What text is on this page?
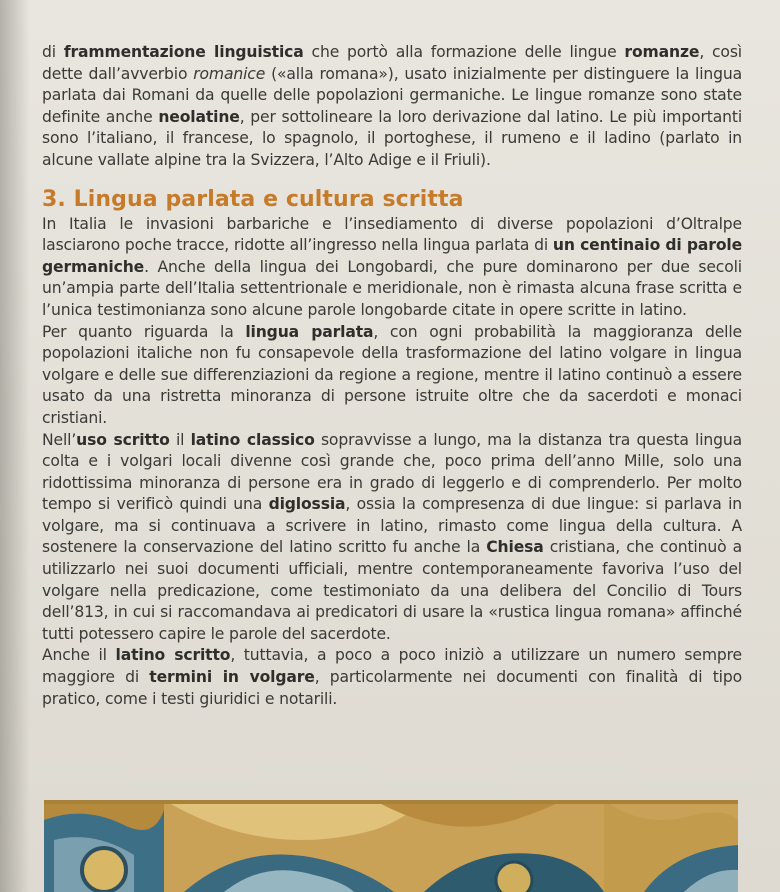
di frammentazione linguistica che portò alla formazione delle lingue romanze, così dette dall’avverbio romanice («alla romana»), usato inizialmente per distinguere la lingua parlata dai Romani da quelle delle popolazioni germaniche. Le lingue romanze sono state definite anche neolatine, per sottolineare la loro derivazione dal latino. Le più importanti sono l’italiano, il francese, lo spagnolo, il portoghese, il rumeno e il ladino (parlato in alcune vallate alpine tra la Svizzera, l’Alto Adige e il Friuli).

3. Lingua parlata e cultura scritta

In Italia le invasioni barbariche e l’insediamento di diverse popolazioni d’Oltralpe lasciarono poche tracce, ridotte all’ingresso nella lingua parlata di un centinaio di parole germaniche. Anche della lingua dei Longobardi, che pure dominarono per due secoli un’ampia parte dell’Italia settentrionale e meridionale, non è rimasta alcuna frase scritta e l’unica testimonianza sono alcune parole longobarde citate in opere scritte in latino.

Per quanto riguarda la lingua parlata, con ogni probabilità la maggioranza delle popolazioni italiche non fu consapevole della trasformazione del latino volgare in lingua volgare e delle sue differenziazioni da regione a regione, mentre il latino continuò a essere usato da una ristretta minoranza di persone istruite oltre che da sacerdoti e monaci cristiani.

Nell’uso scritto il latino classico sopravvisse a lungo, ma la distanza tra questa lingua colta e i volgari locali divenne così grande che, poco prima dell’anno Mille, solo una ridottissima minoranza di persone era in grado di leggerlo e di comprenderlo. Per molto tempo si verificò quindi una diglossia, ossia la compresenza di due lingue: si parlava in volgare, ma si continuava a scrivere in latino, rimasto come lingua della cultura. A sostenere la conservazione del latino scritto fu anche la Chiesa cristiana, che continuò a utilizzarlo nei suoi documenti ufficiali, mentre contemporaneamente favoriva l’uso del volgare nella predicazione, come testimoniato da una delibera del Concilio di Tours dell’813, in cui si raccomandava ai predicatori di usare la «rustica lingua romana» affinché tutti potessero capire le parole del sacerdote.

Anche il latino scritto, tuttavia, a poco a poco iniziò a utilizzare un numero sempre maggiore di termini in volgare, particolarmente nei documenti con finalità di tipo pratico, come i testi giuridici e notarili.
